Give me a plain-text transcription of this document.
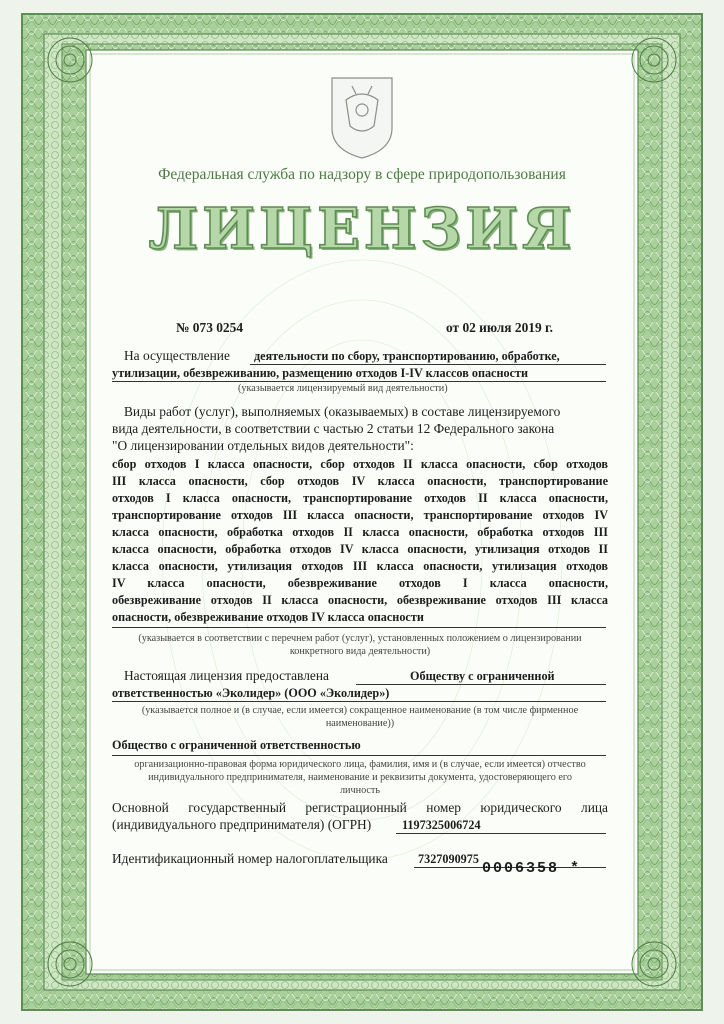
Федеральная служба по надзору в сфере природопользования
ЛИЦЕНЗИЯ
№ 073 0254	от 02 июля 2019 г.
На осуществление деятельности по сбору, транспортированию, обработке,
утилизации, обезвреживанию, размещению отходов I-IV классов опасности
(указывается лицензируемый вид деятельности)
Виды работ (услуг), выполняемых (оказываемых) в составе лицензируемого
вида деятельности, в соответствии с частью 2 статьи 12 Федерального закона
"О лицензировании отдельных видов деятельности":
сбор отходов I класса опасности, сбор отходов II класса опасности, сбор отходов
III класса опасности, сбор отходов IV класса опасности, транспортирование
отходов I класса опасности, транспортирование отходов II класса опасности,
транспортирование отходов III класса опасности, транспортирование отходов IV
класса опасности, обработка отходов II класса опасности, обработка отходов III
класса опасности, обработка отходов IV класса опасности, утилизация отходов II
класса опасности, утилизация отходов III класса опасности, утилизация отходов
IV класса опасности, обезвреживание отходов I класса опасности,
обезвреживание отходов II класса опасности, обезвреживание отходов III класса
опасности, обезвреживание отходов IV класса опасности
(указывается в соответствии с перечнем работ (услуг), установленных положением о лицензировании
конкретного вида деятельности)
Настоящая лицензия предоставлена	Обществу с ограниченной
ответственностью «Эколидер» (ООО «Эколидер»)
(указывается полное и (в случае, если имеется) сокращенное наименование (в том числе фирменное
наименование))
Общество с ограниченной ответственностью
организационно-правовая форма юридического лица, фамилия, имя и (в случае, если имеется) отчество
индивидуального предпринимателя, наименование и реквизиты документа, удостоверяющего его
личность
Основной государственный регистрационный номер юридического лица
(индивидуального предпринимателя) (ОГРН)	1197325006724
Идентификационный номер налогоплательщика 7327090975
0006358 *
